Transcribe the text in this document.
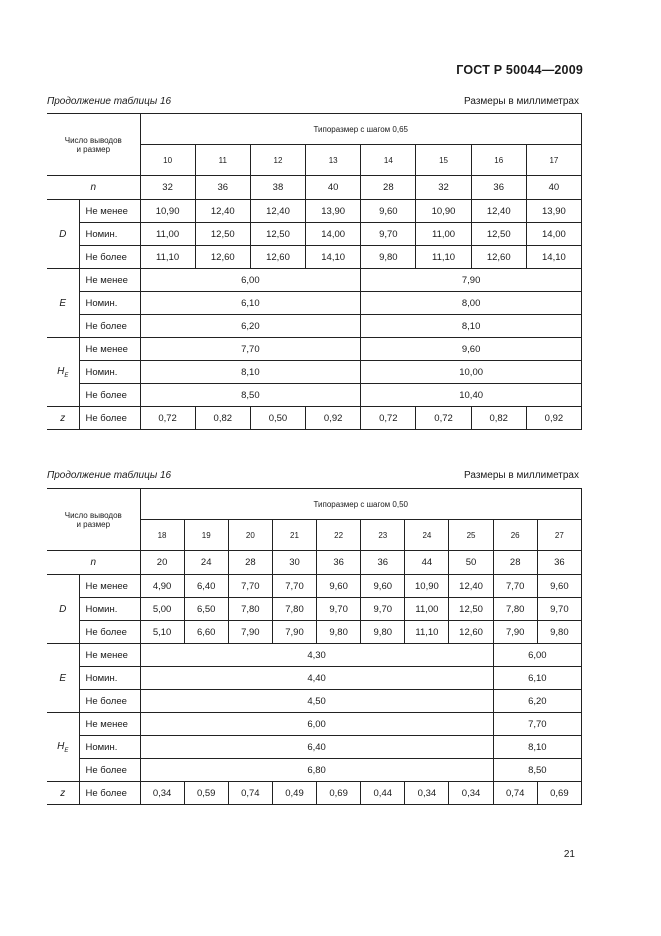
ГОСТ Р 50044—2009
Продолжение таблицы 16	Размеры в миллиметрах
Число выводов
и размер		Типоразмер с шагом 0,65							
		10	11	12	13	14	15	16	17
n		32	36	38	40	28	32	36	40
D	Не менее	10,90	12,40	12,40	13,90	9,60	10,90	12,40	13,90
	Номин.	11,00	12,50	12,50	14,00	9,70	11,00	12,50	14,00
	Не более	11,10	12,60	12,60	14,10	9,80	11,10	12,60	14,10
E	Не менее	6,00				7,90			
	Номин.	6,10				8,00			
	Не более	6,20				8,10			
$H_E$	Не менее	7,70				9,60			
	Номин.	8,10				10,00			
	Не более	8,50				10,40			
z	Не более	0,72	0,82	0,50	0,92	0,72	0,72	0,82	0,92
Продолжение таблицы 16	Размеры в миллиметрах
Число выводов
и размер		Типоразмер с шагом 0,50									
		18	19	20	21	22	23	24	25	26	27
n		20	24	28	30	36	36	44	50	28	36
D	Не менее	4,90	6,40	7,70	7,70	9,60	9,60	10,90	12,40	7,70	9,60
	Номин.	5,00	6,50	7,80	7,80	9,70	9,70	11,00	12,50	7,80	9,70
	Не более	5,10	6,60	7,90	7,90	9,80	9,80	11,10	12,60	7,90	9,80
E	Не менее	4,30								6,00	
	Номин.	4,40								6,10	
	Не более	4,50								6,20	
$H_E$	Не менее	6,00								7,70	
	Номин.	6,40								8,10	
	Не более	6,80								8,50	
z	Не более	0,34	0,59	0,74	0,49	0,69	0,44	0,34	0,34	0,74	0,69
21
